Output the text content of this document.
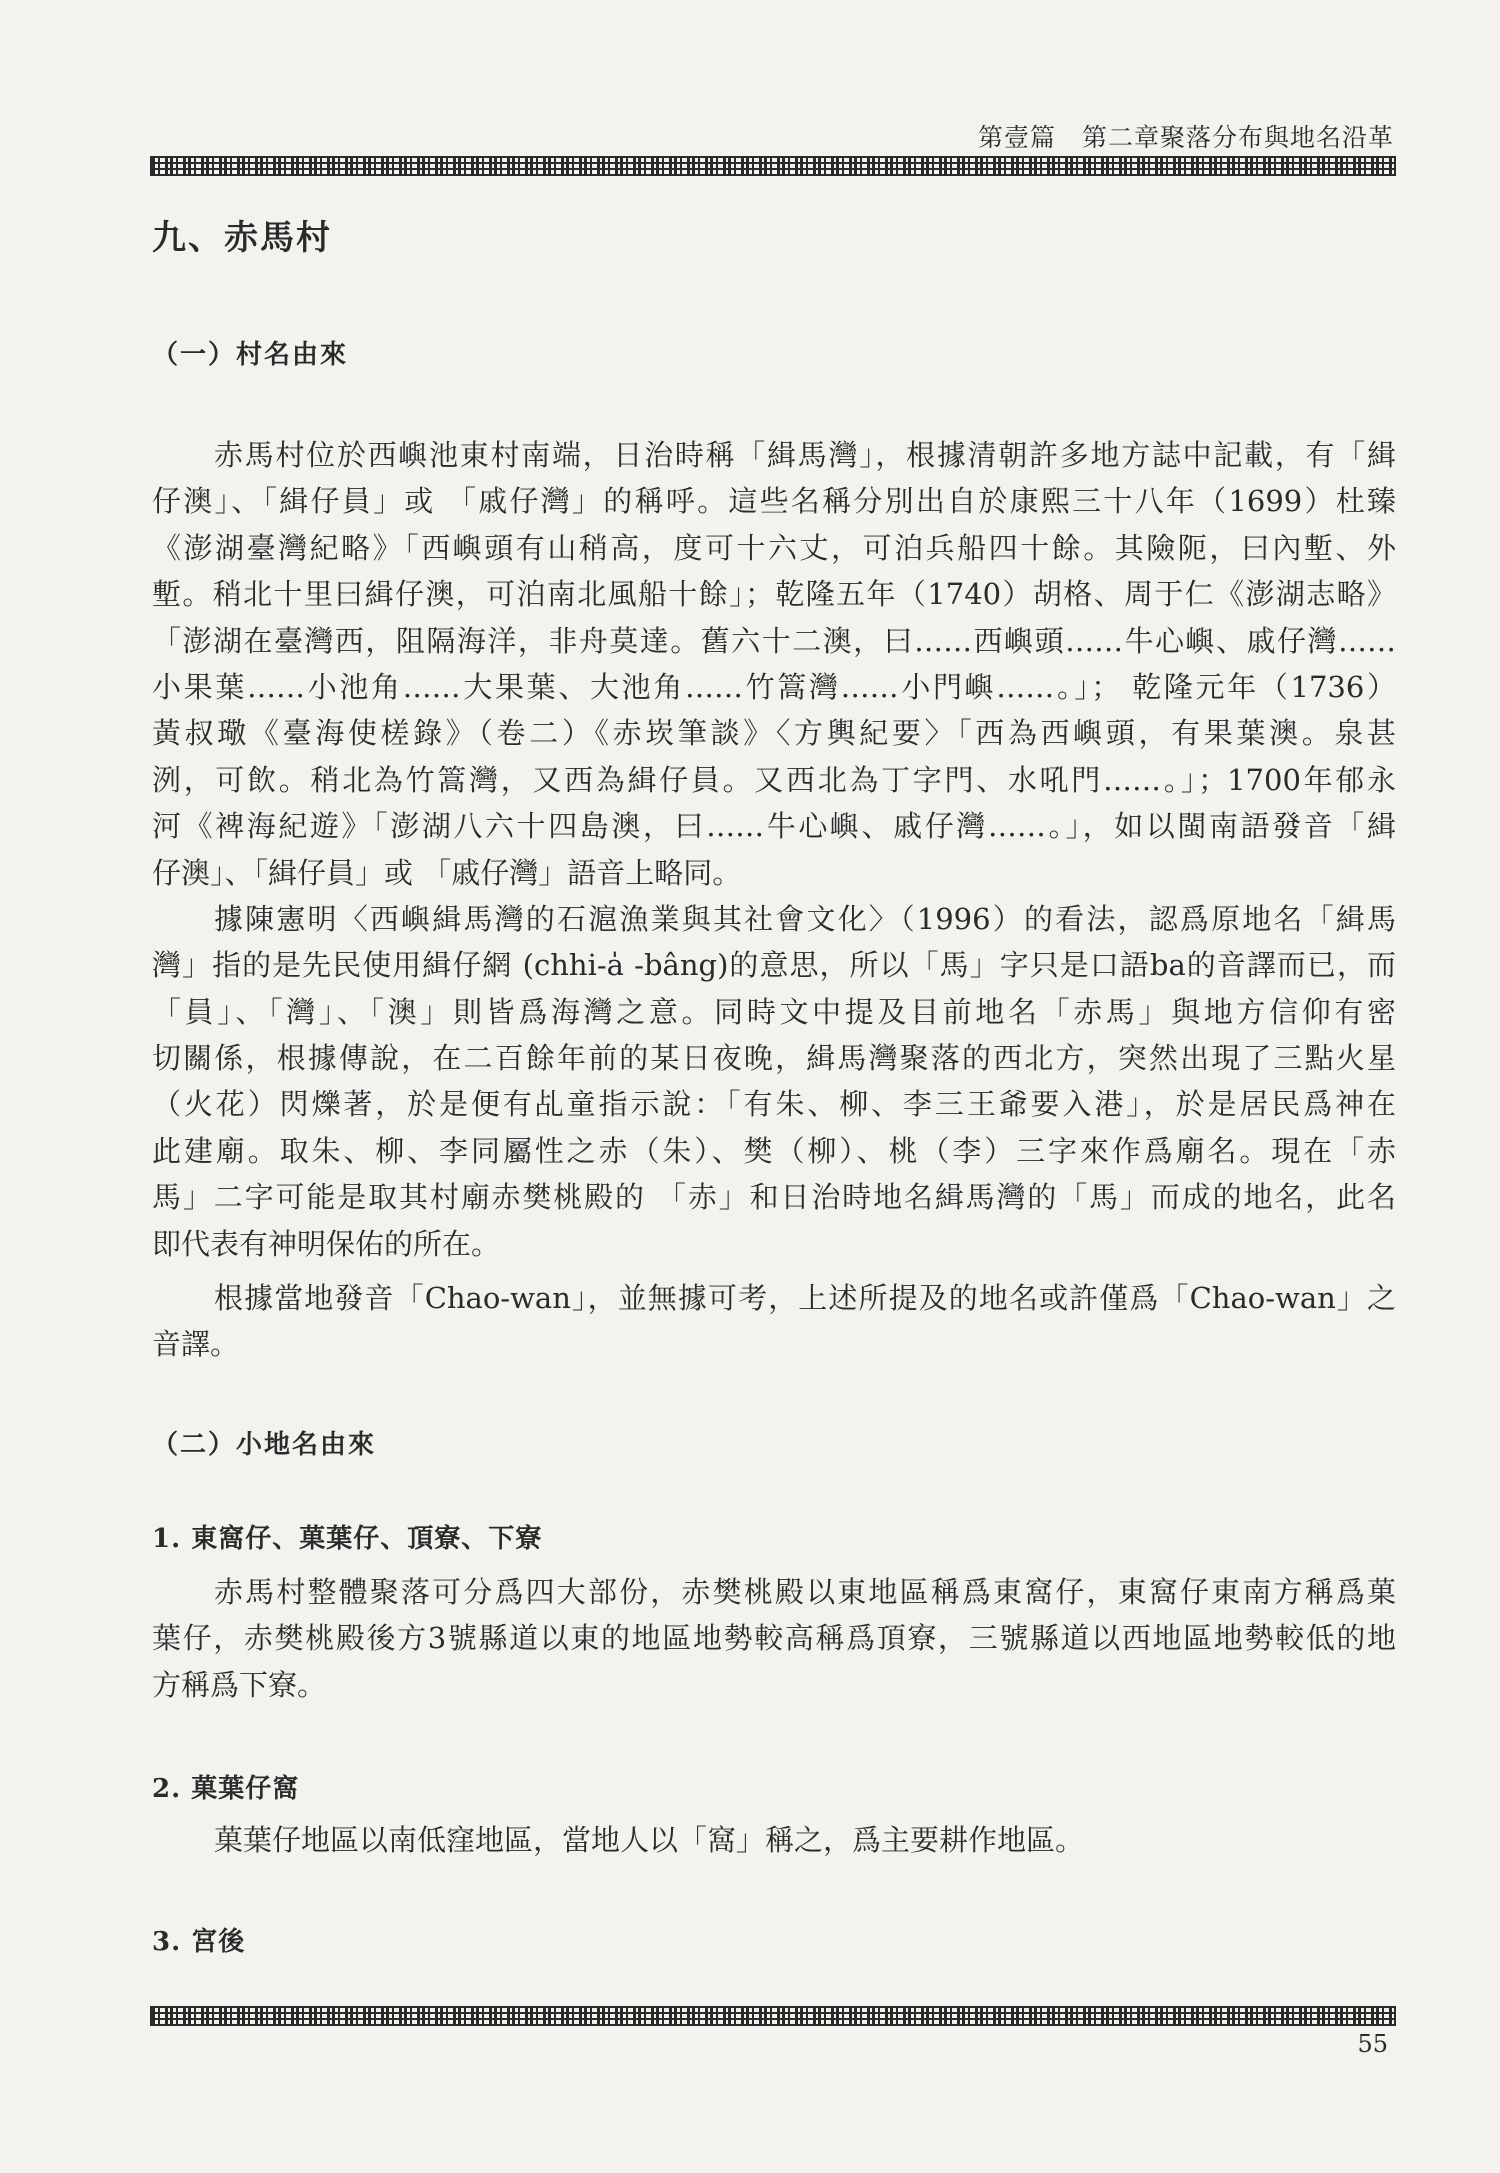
第壹篇　第二章聚落分布與地名沿革
九、赤馬村
（一）村名由來
赤馬村位於西嶼池東村南端，日治時稱「緝馬灣」，根據清朝許多地方誌中記載，有「緝
仔澳」、「緝仔員」或 「戚仔灣」的稱呼。這些名稱分別出自於康熙三十八年（1699）杜臻
《澎湖臺灣紀略》「西嶼頭有山稍高，度可十六丈，可泊兵船四十餘。其險阨，曰內塹、外
塹。稍北十里曰緝仔澳，可泊南北風船十餘」；乾隆五年（1740）胡格、周于仁《澎湖志略》
「澎湖在臺灣西，阻隔海洋，非舟莫達。舊六十二澳，曰……西嶼頭……牛心嶼、戚仔灣……
小果葉……小池角……大果葉、大池角……竹篙灣……小門嶼……。」； 乾隆元年（1736）
黃叔璥《臺海使槎錄》（卷二）《赤崁筆談》〈方輿紀要〉「西為西嶼頭，有果葉澳。泉甚
洌，可飲。稍北為竹篙灣，又西為緝仔員。又西北為丁字門、水吼門……。」；1700年郁永
河《裨海紀遊》「澎湖八六十四島澳，曰……牛心嶼、戚仔灣……。」，如以閩南語發音「緝
仔澳」、「緝仔員」或 「戚仔灣」語音上略同。
據陳憲明〈西嶼緝馬灣的石滬漁業與其社會文化〉（1996）的看法，認爲原地名「緝馬
灣」指的是先民使用緝仔網 (chhi-a̍ -bâng)的意思，所以「馬」字只是口語ba的音譯而已，而
「員」、「灣」、「澳」則皆爲海灣之意。同時文中提及目前地名「赤馬」與地方信仰有密
切關係，根據傳說，在二百餘年前的某日夜晚，緝馬灣聚落的西北方，突然出現了三點火星
（火花）閃爍著，於是便有乩童指示說：「有朱、柳、李三王爺要入港」，於是居民爲神在
此建廟。取朱、柳、李同屬性之赤（朱）、樊（柳）、桃（李）三字來作爲廟名。現在「赤
馬」二字可能是取其村廟赤樊桃殿的 「赤」和日治時地名緝馬灣的「馬」而成的地名，此名
即代表有神明保佑的所在。
根據當地發音「Chao-wan」，並無據可考，上述所提及的地名或許僅爲「Chao-wan」之
音譯。
（二）小地名由來
1. 東窩仔、菓葉仔、頂寮、下寮
赤馬村整體聚落可分爲四大部份，赤樊桃殿以東地區稱爲東窩仔，東窩仔東南方稱爲菓
葉仔，赤樊桃殿後方3號縣道以東的地區地勢較高稱爲頂寮，三號縣道以西地區地勢較低的地
方稱爲下寮。
2. 菓葉仔窩
菓葉仔地區以南低窪地區，當地人以「窩」稱之，爲主要耕作地區。
3. 宮後
55
